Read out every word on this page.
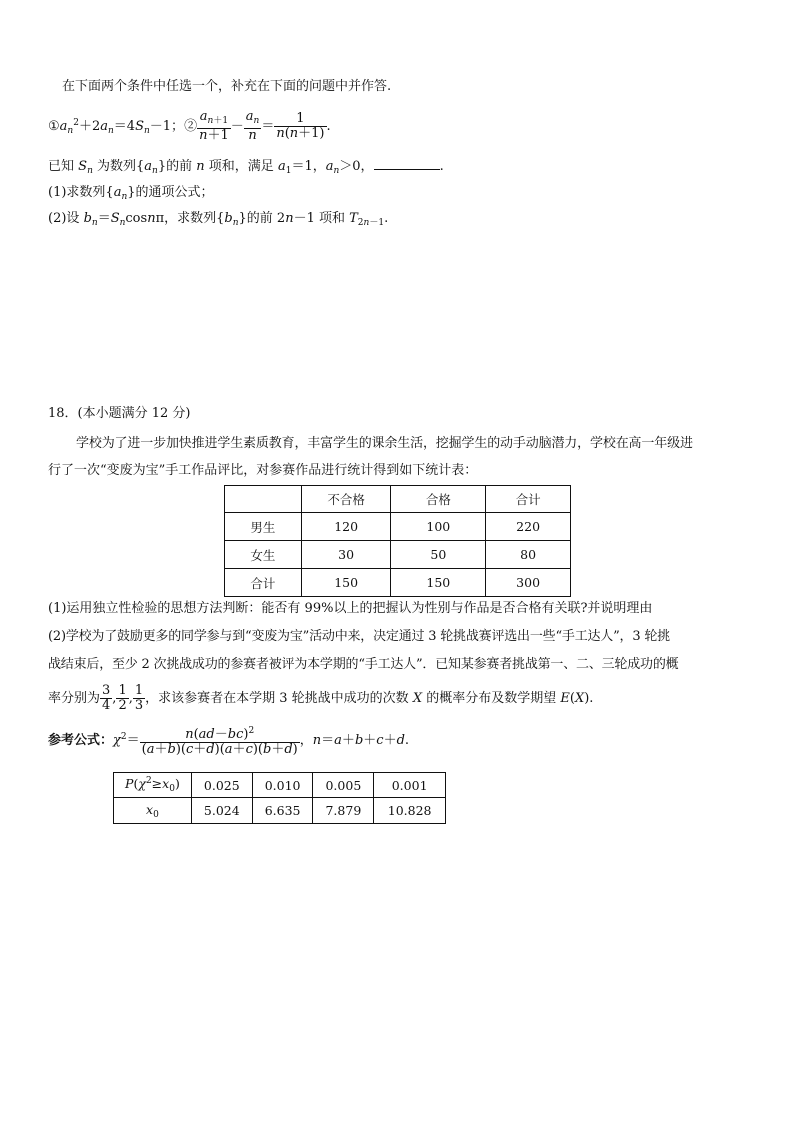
在下面两个条件中任选一个，补充在下面的问题中并作答.
$①a_n^2+2a_n=4S_n-1$；② $\frac{a_{n+1}}{n+1} - \frac{a_n}{n} = \frac{1}{n(n+1)}$ .
已知 $S_n$ 为数列$\{a_n\}$的前 n 项和，满足 $a_1=1$，$a_n>0$，	.
(1)求数列$\{a_n\}$的通项公式；
(2)设 $b_n=S_n\cos n\pi$，求数列$\{b_n\}$的前 2n－1 项和 $T_{2n-1}$.
18．(本小题满分 12 分)
学校为了进一步加快推进学生素质教育，丰富学生的课余生活，挖掘学生的动手动脑潜力，学校在高一年级进
行了一次“变废为宝”手工作品评比，对参赛作品进行统计得到如下统计表：
	不合格	合格	合计
男生	120	100	220
女生	30	50	80
合计	150	150	300
(1)运用独立性检验的思想方法判断：能否有 99%以上的把握认为性别与作品是否合格有关联?并说明理由
(2)学校为了鼓励更多的同学参与到“变废为宝”活动中来，决定通过 3 轮挑战赛评选出一些“手工达人”，3 轮挑
战结束后，至少 2 次挑战成功的参赛者被评为本学期的“手工达人”．已知某参赛者挑战第一、二、三轮成功的概
率分别为 $\frac{3}{4}$ , $\frac{1}{2}$ , $\frac{1}{3}$ ，求该参赛者在本学期 3 轮挑战中成功的次数 X 的概率分布及数学期望 E(X).
参考公式：$\chi^2= \frac{n(ad-bc)^2}{(a+b)(c+d)(a+c)(b+d)}$ ，n＝a＋b＋c＋d.
$P(\chi^2\ge x_0)$	0.025	0.010	0.005	0.001
$x_0$	5.024	6.635	7.879	10.828
